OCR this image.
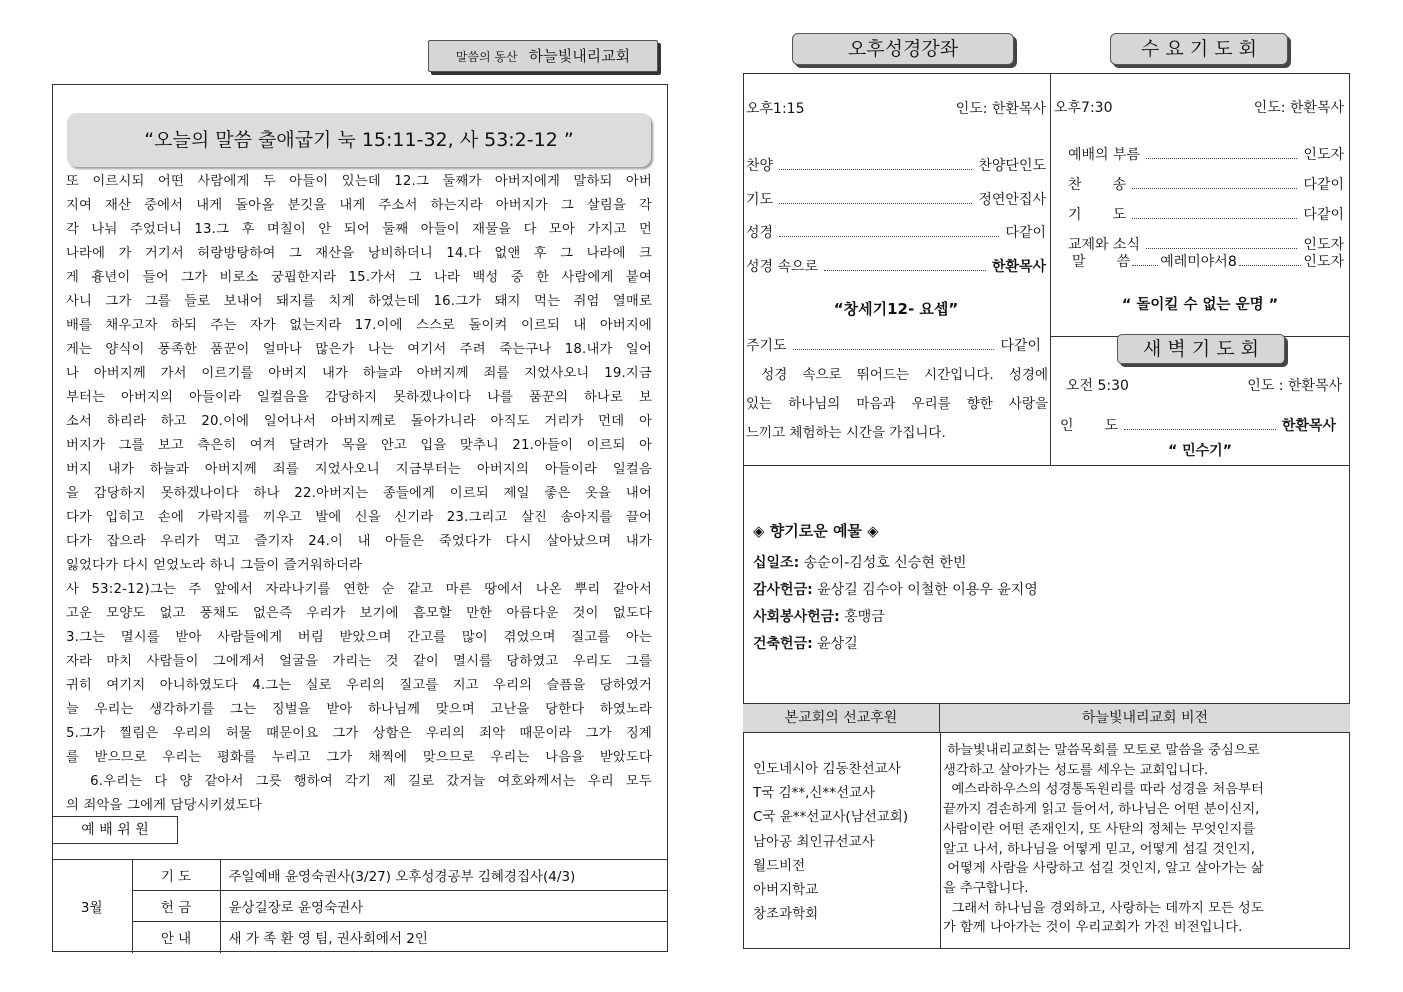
말씀의 동산 하늘빛내리교회
“오늘의 말씀 출애굽기 눅 15:11-32, 사 53:2-12 ”

또 이르시되 어떤 사람에게 두 아들이 있는데 12.그 둘째가 아버지에게 말하되 아버

지여 재산 중에서 내게 돌아올 분깃을 내게 주소서 하는지라 아버지가 그 살림을 각

각 나눠 주었더니 13.그 후 며칠이 안 되어 둘째 아들이 재물을 다 모아 가지고 먼

나라에 가 거기서 허랑방탕하여 그 재산을 낭비하더니 14.다 없앤 후 그 나라에 크

게 흉년이 들어 그가 비로소 궁핍한지라 15.가서 그 나라 백성 중 한 사람에게 붙여

사니 그가 그를 들로 보내어 돼지를 치게 하였는데 16.그가 돼지 먹는 쥐엄 열매로

배를 채우고자 하되 주는 자가 없는지라 17.이에 스스로 돌이켜 이르되 내 아버지에

게는 양식이 풍족한 품꾼이 얼마나 많은가 나는 여기서 주려 죽는구나 18.내가 일어

나 아버지께 가서 이르기를 아버지 내가 하늘과 아버지께 죄를 지었사오니 19.지금

부터는 아버지의 아들이라 일컬음을 감당하지 못하겠나이다 나를 품꾼의 하나로 보

소서 하리라 하고 20.이에 일어나서 아버지께로 돌아가니라 아직도 거리가 먼데 아

버지가 그를 보고 측은히 여겨 달려가 목을 안고 입을 맞추니 21.아들이 이르되 아

버지 내가 하늘과 아버지께 죄를 지었사오니 지금부터는 아버지의 아들이라 일컬음

을 감당하지 못하겠나이다 하나 22.아버지는 종들에게 이르되 제일 좋은 옷을 내어

다가 입히고 손에 가락지를 끼우고 발에 신을 신기라 23.그리고 살진 송아지를 끌어

다가 잡으라 우리가 먹고 즐기자 24.이 내 아들은 죽었다가 다시 살아났으며 내가

잃었다가 다시 얻었노라 하니 그들이 즐거워하더라

사 53:2-12)그는 주 앞에서 자라나기를 연한 순 같고 마른 땅에서 나온 뿌리 같아서

고운 모양도 없고 풍채도 없은즉 우리가 보기에 흠모할 만한 아름다운 것이 없도다

3.그는 멸시를 받아 사람들에게 버림 받았으며 간고를 많이 겪었으며 질고를 아는

자라 마치 사람들이 그에게서 얼굴을 가리는 것 같이 멸시를 당하였고 우리도 그를

귀히 여기지 아니하였도다 4.그는 실로 우리의 질고를 지고 우리의 슬픔을 당하였거

늘 우리는 생각하기를 그는 징벌을 받아 하나님께 맞으며 고난을 당한다 하였노라

5.그가 찔림은 우리의 허물 때문이요 그가 상함은 우리의 죄악 때문이라 그가 징계

를 받으므로 우리는 평화를 누리고 그가 채찍에 맞으므로 우리는 나음을 받았도다

6.우리는 다 양 같아서 그릇 행하여 각기 제 길로 갔거늘 여호와께서는 우리 모두

의 죄악을 그에게 담당시키셨도다

예 배 위 원
3월	기 도	주일예배 윤영숙권사(3/27) 오후성경공부 김혜경집사(4/3)
	헌 금	윤상길장로 윤영숙권사
	안 내	새 가 족 환 영 팀, 권사회에서 2인
오후성경강좌	수 요 기 도 회
오후1:15	인도: 한환목사
찬양	찬양단인도
기도	정연안집사
성경	다같이
성경 속으로	한환목사
“창세기12- 요셉”
주기도	다같이
성경 속으로 뛰어드는 시간입니다. 성경에
있는 하나님의 마음과 우리를 향한 사랑을
느끼고 체험하는 시간을 가집니다.
오후7:30	인도: 한환목사
예배의 부름	인도자
찬       송	다같이
기       도	다같이
교제와 소식	인도자
말       씀 예레미야서8	인도자
“ 돌이킬 수 없는 운명 ”
새 벽 기 도 회
오전 5:30	인도 : 한환목사
인       도	한환목사
“ 민수기”
◈ 향기로운 예물 ◈
십일조: 송순이-김성호 신승현 한빈
감사헌금: 윤상길 김수아 이철한 이용우 윤지영
사회봉사헌금: 홍맹금
건축헌금: 윤상길
본교회의 선교후원	하늘빛내리교회 비전
인도네시아 김동찬선교사
T국 김**,신**선교사
C국 윤**선교사(남선교회)
남아공 최인규선교사
월드비전
아버지학교
창조과학회
하늘빛내리교회는 말씀목회를 모토로 말씀을 중심으로
생각하고 살아가는 성도를 세우는 교회입니다.
예스라하우스의 성경통독원리를 따라 성경을 처음부터
끝까지 겸손하게 읽고 들어서, 하나님은 어떤 분이신지,
사람이란 어떤 존재인지, 또 사탄의 정체는 무엇인지를
알고 나서, 하나님을 어떻게 믿고, 어떻게 섬길 것인지,
어떻게 사람을 사랑하고 섬길 것인지, 알고 살아가는 삶
을 추구합니다.
그래서 하나님을 경외하고, 사랑하는 데까지 모든 성도
가 함께 나아가는 것이 우리교회가 가진 비전입니다.
